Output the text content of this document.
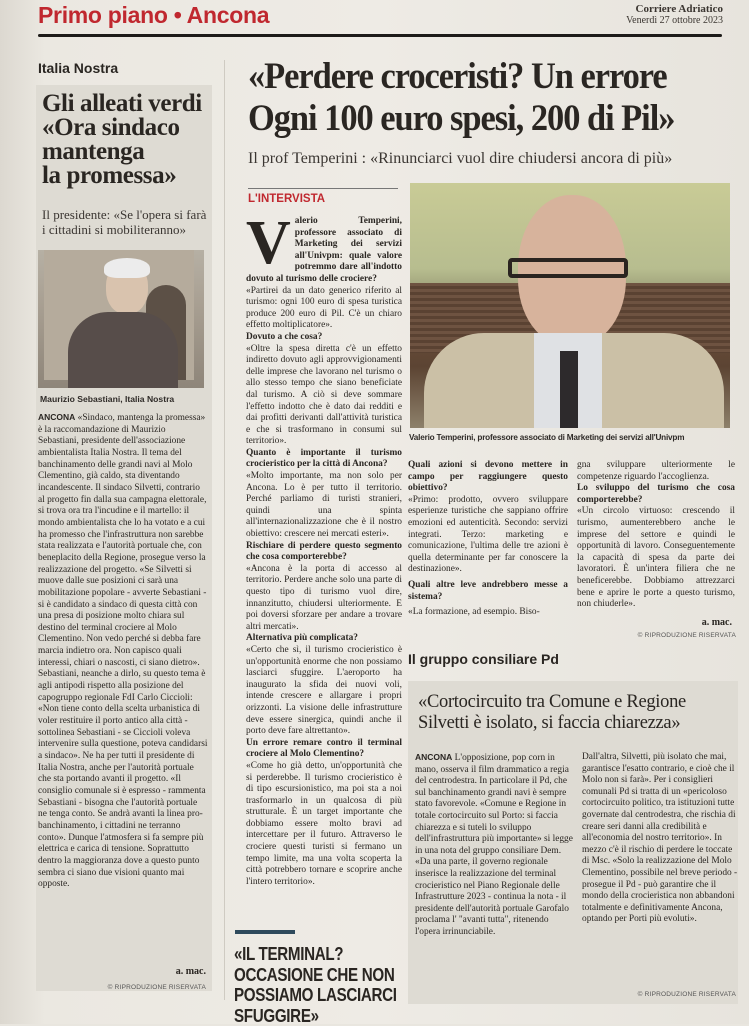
Primo piano • Ancona	Corriere Adriatico
Venerdì 27 ottobre 2023
Italia Nostra
Gli alleati verdi
«Ora sindaco
mantenga
la promessa»
Il presidente: «Se l'opera si farà i cittadini si mobiliteranno»
Maurizio Sebastiani, Italia Nostra
ANCONA «Sindaco, mantenga la promessa» è la raccomandazione di Maurizio Sebastiani, presidente dell'associazione ambientalista Italia Nostra. Il tema del banchinamento delle grandi navi al Molo Clementino, già caldo, sta diventando incandescente. Il sindaco Silvetti, contrario al progetto fin dalla sua campagna elettorale, si trova ora tra l'incudine e il martello: il mondo ambientalista che lo ha votato e a cui ha promesso che l'infrastruttura non sarebbe stata realizzata e l'autorità portuale che, con beneplacito della Regione, prosegue verso la realizzazione del progetto. «Se Silvetti si muove dalle sue posizioni ci sarà una mobilitazione popolare - avverte Sebastiani - si è candidato a sindaco di questa città con una presa di posizione molto chiara sul destino del terminal crociere al Molo Clementino. Non vedo perché si debba fare marcia indietro ora. Non capisco quali interessi, chiari o nascosti, ci siano dietro». Sebastiani, neanche a dirlo, su questo tema è agli antipodi rispetto alla posizione del capogruppo regionale FdI Carlo Ciccioli: «Non tiene conto della scelta urbanistica di voler restituire il porto antico alla città - sottolinea Sebastiani - se Ciccioli voleva intervenire sulla questione, poteva candidarsi a sindaco». Ne ha per tutti il presidente di Italia Nostra, anche per l'autorità portuale che sta portando avanti il progetto. «Il consiglio comunale si è espresso - rammenta Sebastiani - bisogna che l'autorità portuale ne tenga conto. Se andrà avanti la linea pro-banchinamento, i cittadini ne terranno conto». Dunque l'atmosfera si fa sempre più elettrica e carica di tensione. Soprattutto dentro la maggioranza dove a questo punto sembra ci siano due visioni quanto mai opposte.
a. mac.
© RIPRODUZIONE RISERVATA
«Perdere croceristi? Un errore
Ogni 100 euro spesi, 200 di Pil»
Il prof Temperini : «Rinunciarci vuol dire chiudersi ancora di più»
L'INTERVISTA
V alerio Temperini, professore associato di Marketing dei servizi all'Univpm: quale valore potremmo dare all'indotto dovuto al turismo delle crociere?
«Partirei da un dato generico riferito al turismo: ogni 100 euro di spesa turistica produce 200 euro di Pil. C'è un chiaro effetto moltiplicatore».
Dovuto a che cosa?
«Oltre la spesa diretta c'è un effetto indiretto dovuto agli approvvigionamenti delle imprese che lavorano nel turismo o allo stesso tempo che siano beneficiate dal turismo. A ciò si deve sommare l'effetto indotto che è dato dai redditi e dai profitti derivanti dall'attività turistica e che si trasformano in consumi sul territorio».
Quanto è importante il turismo crocieristico per la città di Ancona?
«Molto importante, ma non solo per Ancona. Lo è per tutto il territorio. Perché parliamo di turisti stranieri, quindi una spinta all'internazionalizzazione che è il nostro obiettivo: crescere nei mercati esteri».
Rischiare di perdere questo segmento che cosa comporterebbe?
«Ancona è la porta di accesso al territorio. Perdere anche solo una parte di questo tipo di turismo vuol dire, innanzitutto, chiudersi ulteriormente. E poi doversi sforzare per andare a trovare altri mercati».
Alternativa più complicata?
«Certo che sì, il turismo crocieristico è un'opportunità enorme che non possiamo lasciarci sfuggire. L'aeroporto ha inaugurato la sfida dei nuovi voli, intende crescere e allargare i propri orizzonti. La visione delle infrastrutture deve essere sinergica, quindi anche il porto deve fare altrettanto».
Un errore remare contro il terminal crociere al Molo Clementino?
«Come ho già detto, un'opportunità che si perderebbe. Il turismo crocieristico è di tipo escursionistico, ma poi sta a noi trasformarlo in un qualcosa di più strutturale. È un target importante che dobbiamo essere molto bravi ad intercettare per il futuro. Attraverso le crociere questi turisti si fermano un tempo limite, ma una volta scoperta la città potrebbero tornare e scoprire anche l'intero territorio».
«IL TERMINAL? OCCASIONE CHE NON POSSIAMO LASCIARCI SFUGGIRE»
Valerio Temperini, professore associato di Marketing dei servizi all'Univpm
Quali azioni si devono mettere in campo per raggiungere questo obiettivo?
«Primo: prodotto, ovvero sviluppare esperienze turistiche che sappiano offrire emozioni ed autenticità. Secondo: servizi integrati. Terzo: marketing e comunicazione, l'ultima delle tre azioni è quella determinante per far conoscere la destinazione».
Quali altre leve andrebbero messe a sistema?
«La formazione, ad esempio. Biso-
gna sviluppare ulteriormente le competenze riguardo l'accoglienza.
Lo sviluppo del turismo che cosa comporterebbe?
«Un circolo virtuoso: crescendo il turismo, aumenterebbero anche le imprese del settore e quindi le opportunità di lavoro. Conseguentemente la capacità di spesa da parte dei lavoratori. È un'intera filiera che ne beneficerebbe. Dobbiamo attrezzarci bene e aprire le porte a questo turismo, non chiuderle».
a. mac.
© RIPRODUZIONE RISERVATA
Il gruppo consiliare Pd
«Cortocircuito tra Comune e Regione
Silvetti è isolato, si faccia chiarezza»
ANCONA L'opposizione, pop corn in mano, osserva il film drammatico a regia del centrodestra. In particolare il Pd, che sul banchinamento grandi navi è sempre stato favorevole. «Comune e Regione in totale cortocircuito sul Porto: si faccia chiarezza e si tuteli lo sviluppo dell'infrastruttura più importante» si legge in una nota del gruppo consiliare Dem. «Da una parte, il governo regionale inserisce la realizzazione del terminal crocieristico nel Piano Regionale delle Infrastrutture 2023 - continua la nota - il presidente dell'autorità portuale Garofalo proclama l' "avanti tutta", ritenendo l'opera irrinunciabile.
Dall'altra, Silvetti, più isolato che mai, garantisce l'esatto contrario, e cioè che il Molo non si farà». Per i consiglieri comunali Pd si tratta di un «pericoloso cortocircuito politico, tra istituzioni tutte governate dal centrodestra, che rischia di creare seri danni alla credibilità e all'economia del nostro territorio». In mezzo c'è il rischio di perdere le toccate di Msc. «Solo la realizzazione del Molo Clementino, possibile nel breve periodo - prosegue il Pd - può garantire che il mondo della crocieristica non abbandoni totalmente e definitivamente Ancona, optando per Porti più evoluti».
© RIPRODUZIONE RISERVATA
